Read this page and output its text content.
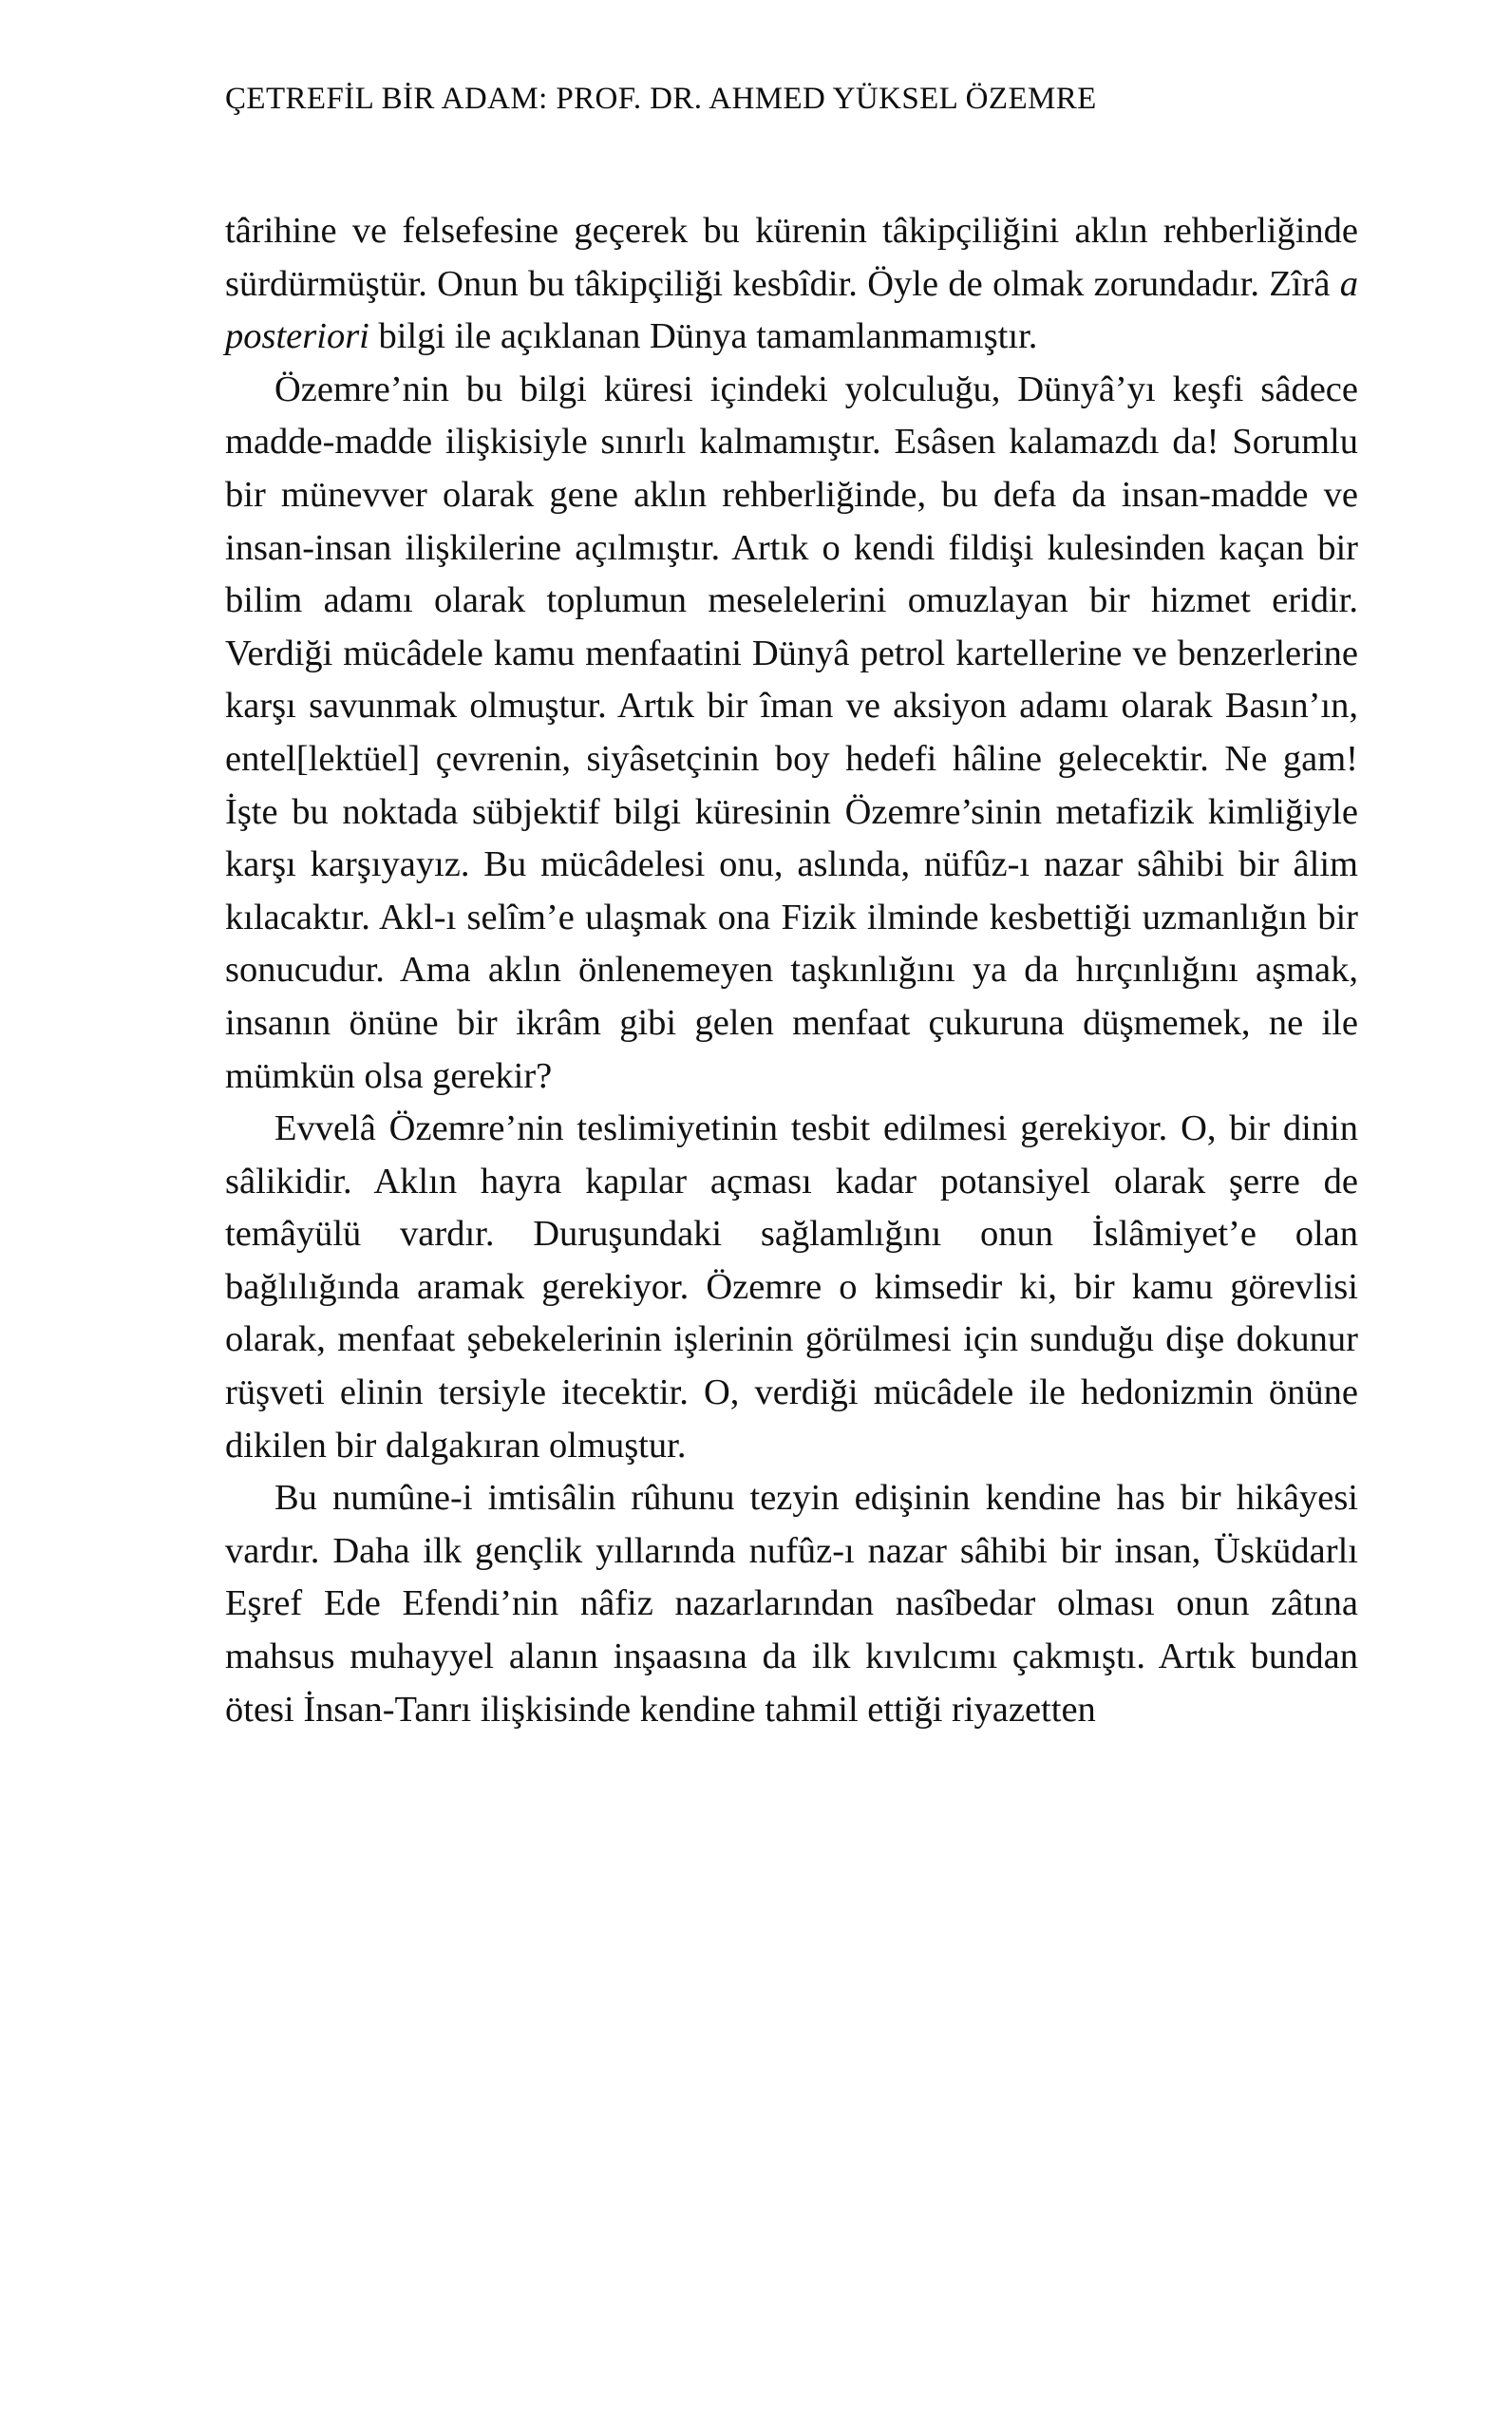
ÇETREFİL BİR ADAM: PROF. DR. AHMED YÜKSEL ÖZEMRE

târihine ve felsefesine geçerek bu kürenin tâkipçiliğini aklın rehberliğinde sürdürmüştür. Onun bu tâkipçiliği kesbîdir. Öyle de olmak zorundadır. Zîrâ a posteriori bilgi ile açıklanan Dünya tamamlanmamıştır.

Özemre’nin bu bilgi küresi içindeki yolculuğu, Dünyâ’yı keşfi sâdece madde-madde ilişkisiyle sınırlı kalmamıştır. Esâsen kalamazdı da! Sorumlu bir münevver olarak gene aklın rehberliğinde, bu defa da insan-madde ve insan-insan ilişkilerine açılmıştır. Artık o kendi fildişi kulesinden kaçan bir bilim adamı olarak toplumun meselelerini omuzlayan bir hizmet eridir. Verdiği mücâdele kamu menfaatini Dünyâ petrol kartellerine ve benzerlerine karşı savunmak olmuştur. Artık bir îman ve aksiyon adamı olarak Basın’ın, entel[lektüel] çevrenin, siyâsetçinin boy hedefi hâline gelecektir. Ne gam! İşte bu noktada sübjektif bilgi küresinin Özemre’sinin metafizik kimliğiyle karşı karşıyayız. Bu mücâdelesi onu, aslında, nüfûz-ı nazar sâhibi bir âlim kılacaktır. Akl-ı selîm’e ulaşmak ona Fizik ilminde kesbettiği uzmanlığın bir sonucudur. Ama aklın önlenemeyen taşkınlığını ya da hırçınlığını aşmak, insanın önüne bir ikrâm gibi gelen menfaat çukuruna düşmemek, ne ile mümkün olsa gerekir?

Evvelâ Özemre’nin teslimiyetinin tesbit edilmesi gerekiyor. O, bir dinin sâlikidir. Aklın hayra kapılar açması kadar potansiyel olarak şerre de temâyülü vardır. Duruşundaki sağlamlığını onun İslâmiyet’e olan bağlılığında aramak gerekiyor. Özemre o kimsedir ki, bir kamu görevlisi olarak, menfaat şebekelerinin işlerinin görülmesi için sunduğu dişe dokunur rüşveti elinin tersiyle itecektir. O, verdiği mücâdele ile hedonizmin önüne dikilen bir dalgakıran olmuştur.

Bu numûne-i imtisâlin rûhunu tezyin edişinin kendine has bir hikâyesi vardır. Daha ilk gençlik yıllarında nufûz-ı nazar sâhibi bir insan, Üsküdarlı Eşref Ede Efendi’nin nâfiz nazarlarından nasîbedar olması onun zâtına mahsus muhayyel alanın inşaasına da ilk kıvılcımı çakmıştı. Artık bundan ötesi İnsan-Tanrı ilişkisinde kendine tahmil ettiği riyazetten
